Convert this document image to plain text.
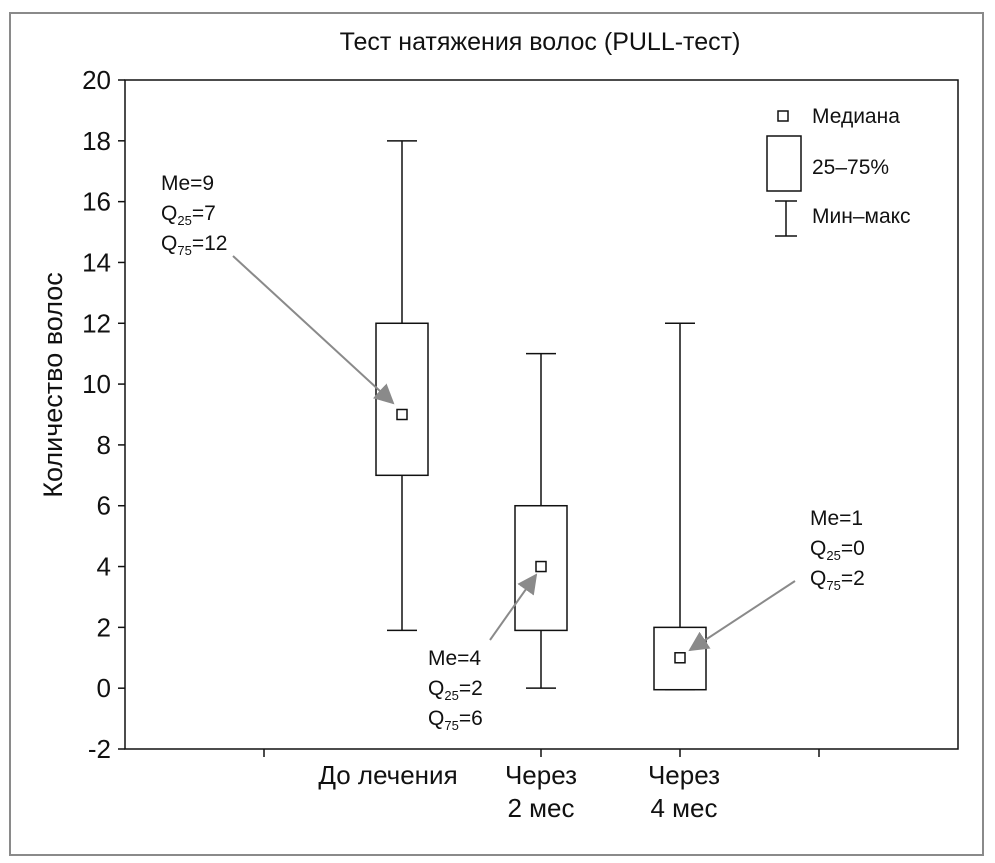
Тест натяжения волос (PULL-тест)
Количество волос
-2
0
2
4
6
8
10
12
14
16
18
20
До лечения Через
2 мес
Через
4 мес
Медиана
25–75%
Мин–макс
Me=9
$Q_{25}=7$
$Q_{75}=12$
Me=4
$Q_{25}=2$
$Q_{75}=6$
Me=1
$Q_{25}=0$
$Q_{75}=2$
